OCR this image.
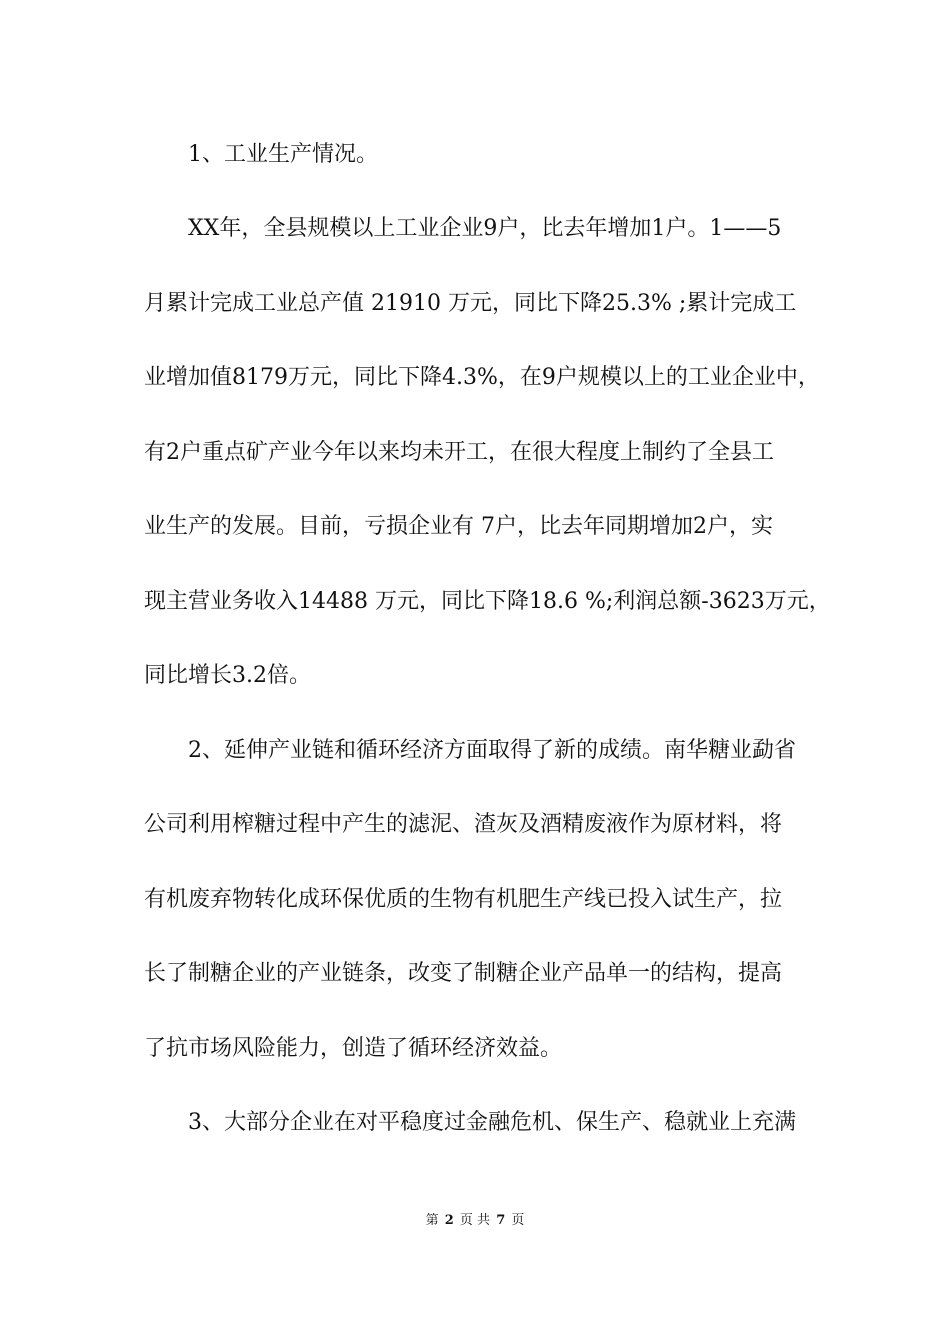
1、工业生产情况。
XX年，全县规模以上工业企业9户，比去年增加1户。1——5
月累计完成工业总产值 21910 万元，同比下降25.3% ;累计完成工
业增加值8179万元，同比下降4.3%，在9户规模以上的工业企业中，
有2户重点矿产业今年以来均未开工，在很大程度上制约了全县工
业生产的发展。目前，亏损企业有 7户，比去年同期增加2户，实
现主营业务收入14488 万元，同比下降18.6 %;利润总额-3623万元，
同比增长3.2倍。
2、延伸产业链和循环经济方面取得了新的成绩。南华糖业勐省
公司利用榨糖过程中产生的滤泥、渣灰及酒精废液作为原材料，将
有机废弃物转化成环保优质的生物有机肥生产线已投入试生产，拉
长了制糖企业的产业链条，改变了制糖企业产品单一的结构，提高
了抗市场风险能力，创造了循环经济效益。
3、大部分企业在对平稳度过金融危机、保生产、稳就业上充满
第 2 页 共 7 页
